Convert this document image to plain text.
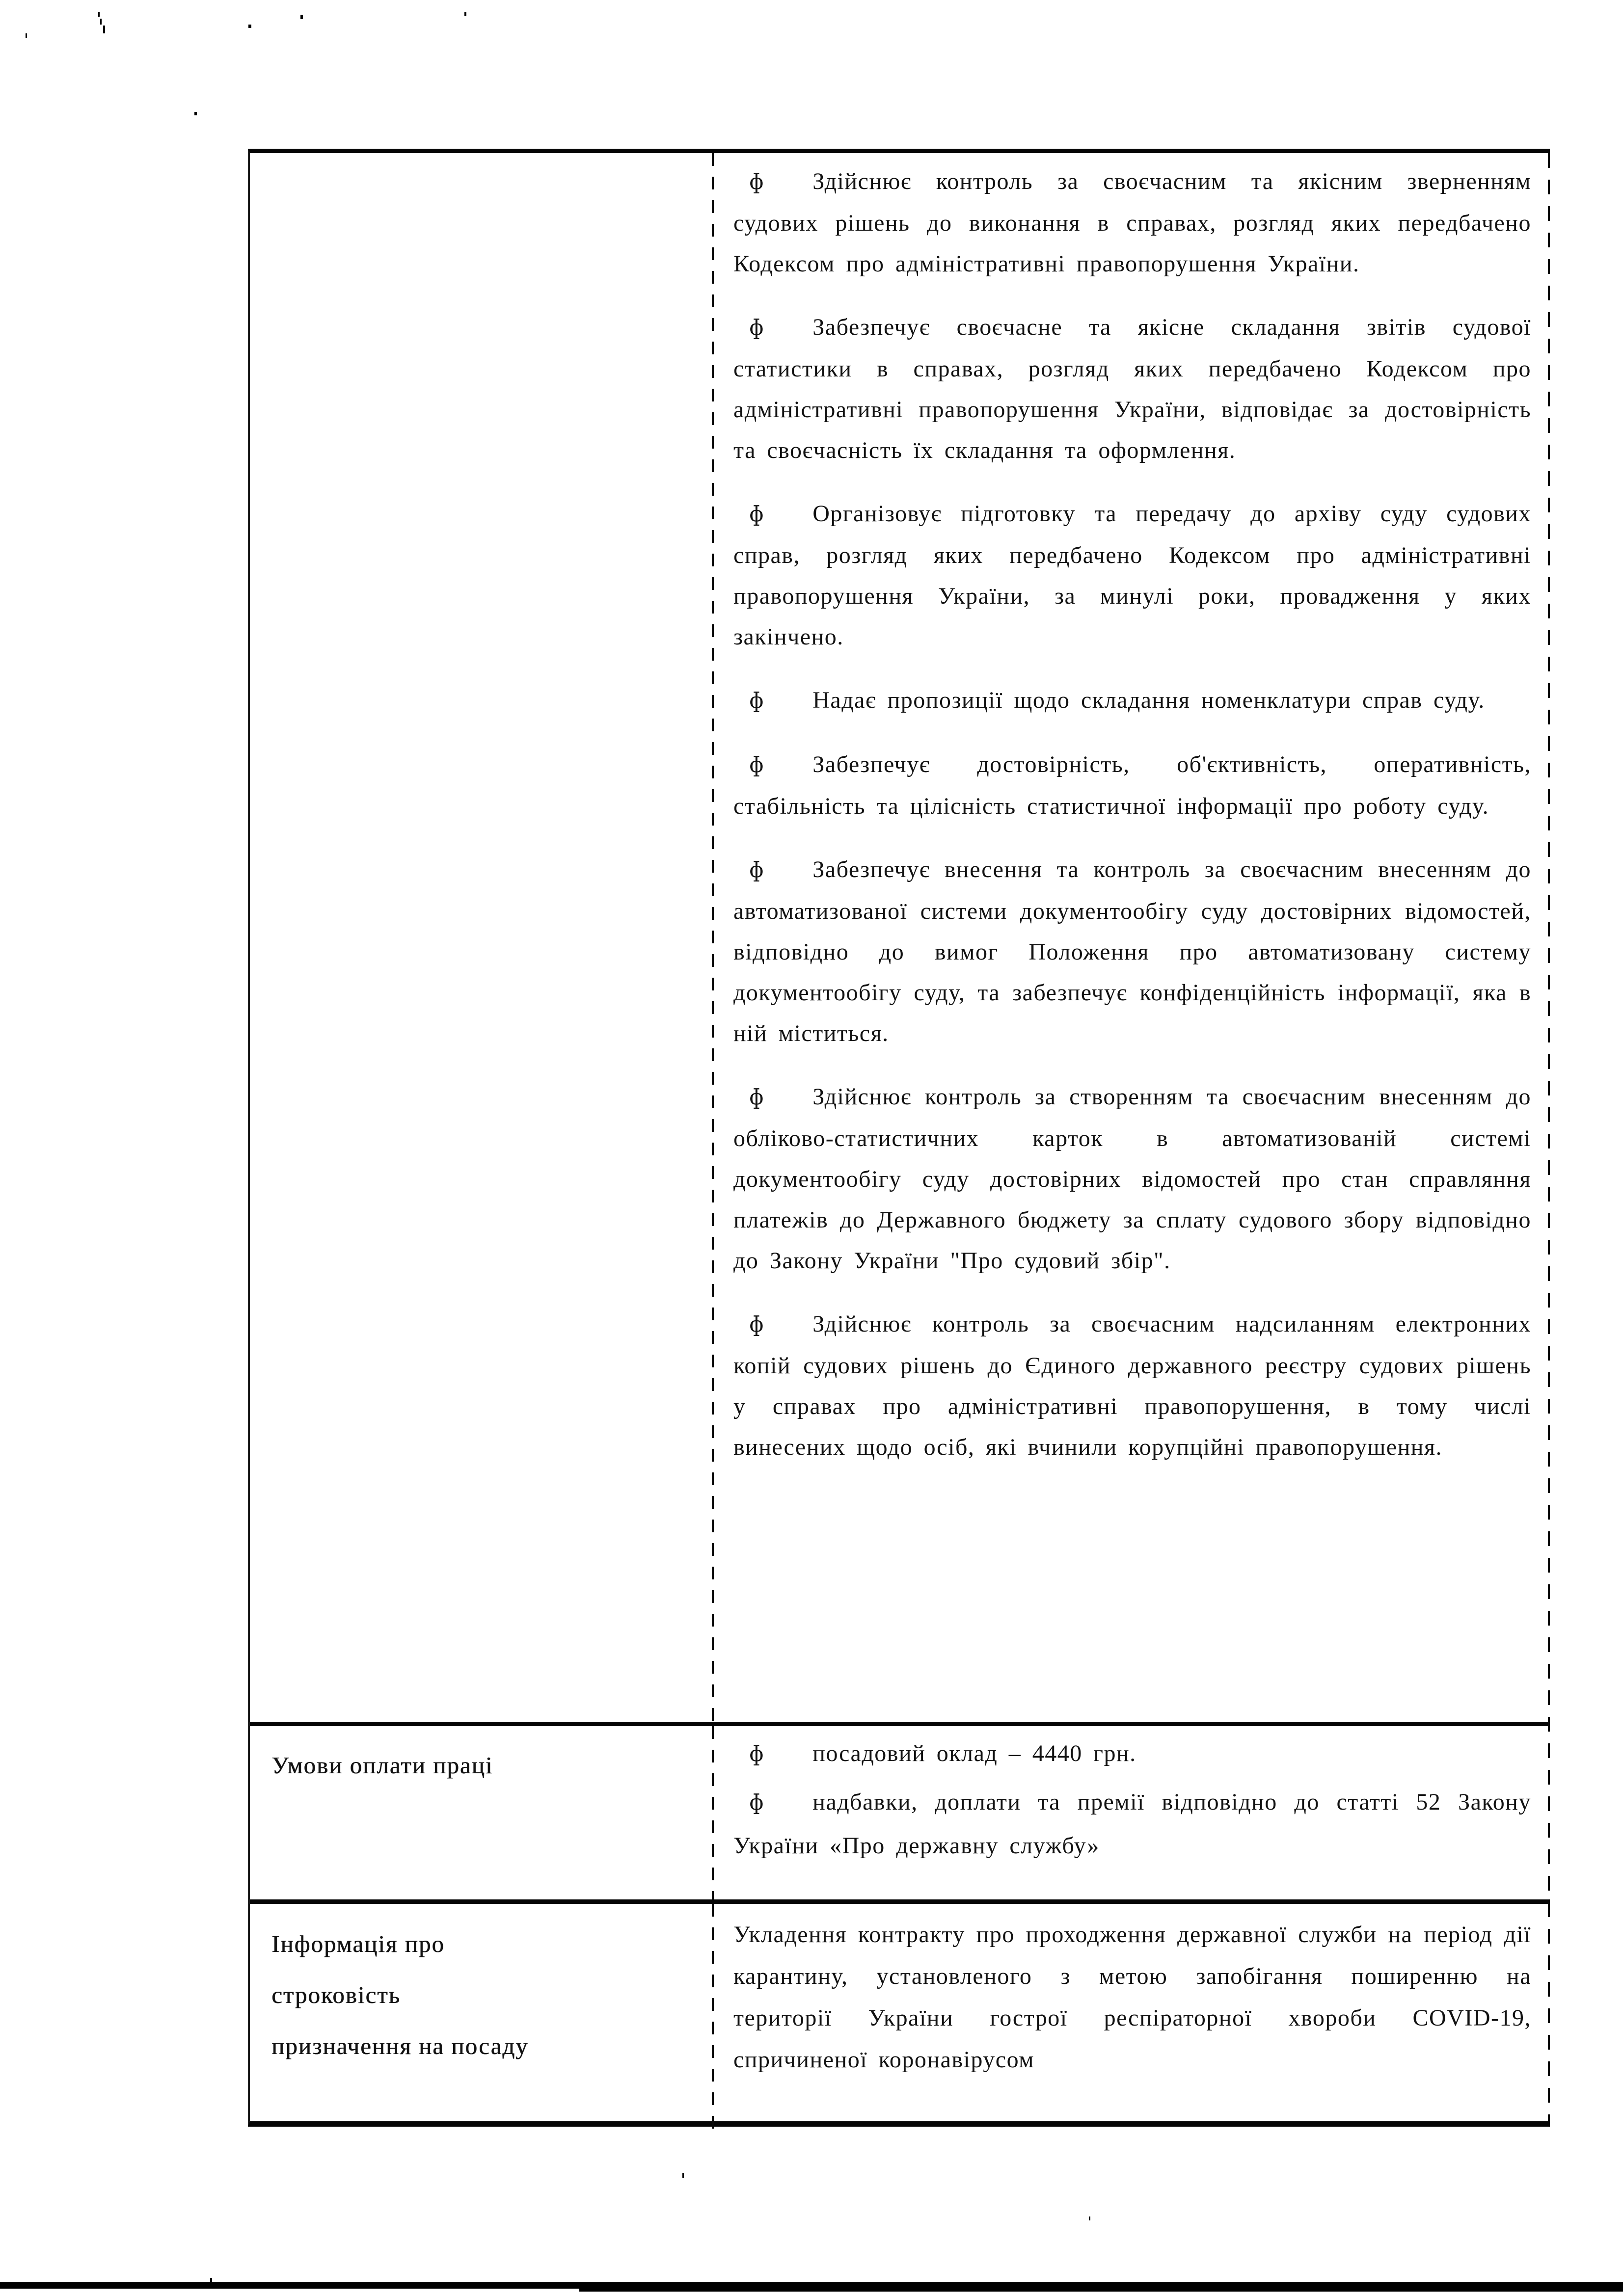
ɸ Здійснює контроль за своєчасним та якісним зверненням судових рішень до виконання в справах, розгляд яких передбачено Кодексом про адміністративні правопорушення України.

ɸ Забезпечує своєчасне та якісне складання звітів судової статистики в справах, розгляд яких передбачено Кодексом про адміністративні правопорушення України, відповідає за достовірність та своєчасність їх складання та оформлення.

ɸ Організовує підготовку та передачу до архіву суду судових справ, розгляд яких передбачено Кодексом про адміністративні правопорушення України, за минулі роки, провадження у яких закінчено.

ɸ Надає пропозиції щодо складання номенклатури справ суду.

ɸ Забезпечує достовірність, об'єктивність, оперативність, стабільність та цілісність статистичної інформації про роботу суду.

ɸ Забезпечує внесення та контроль за своєчасним внесенням до автоматизованої системи документообігу суду достовірних відомостей, відповідно до вимог Положення про автоматизовану систему документообігу суду, та забезпечує конфіденційність інформації, яка в ній міститься.

ɸ Здійснює контроль за створенням та своєчасним внесенням до обліково-статистичних карток в автоматизованій системі документообігу суду достовірних відомостей про стан справляння платежів до Державного бюджету за сплату судового збору відповідно до Закону України "Про судовий збір".

ɸ Здійснює контроль за своєчасним надсиланням електронних копій судових рішень до Єдиного державного реєстру судових рішень у справах про адміністративні правопорушення, в тому числі винесених щодо осіб, які вчинили корупційні правопорушення.

Умови оплати праці	ɸ посадовий оклад – 4440 грн.

ɸ надбавки, доплати та премії відповідно до статті 52 Закону України «Про державну службу»

Інформація про
строковість
призначення на посаду

Укладення контракту про проходження державної служби на період дії карантину, установленого з метою запобігання поширенню на території України гострої респіраторної хвороби COVID-19, спричиненої коронавірусом
